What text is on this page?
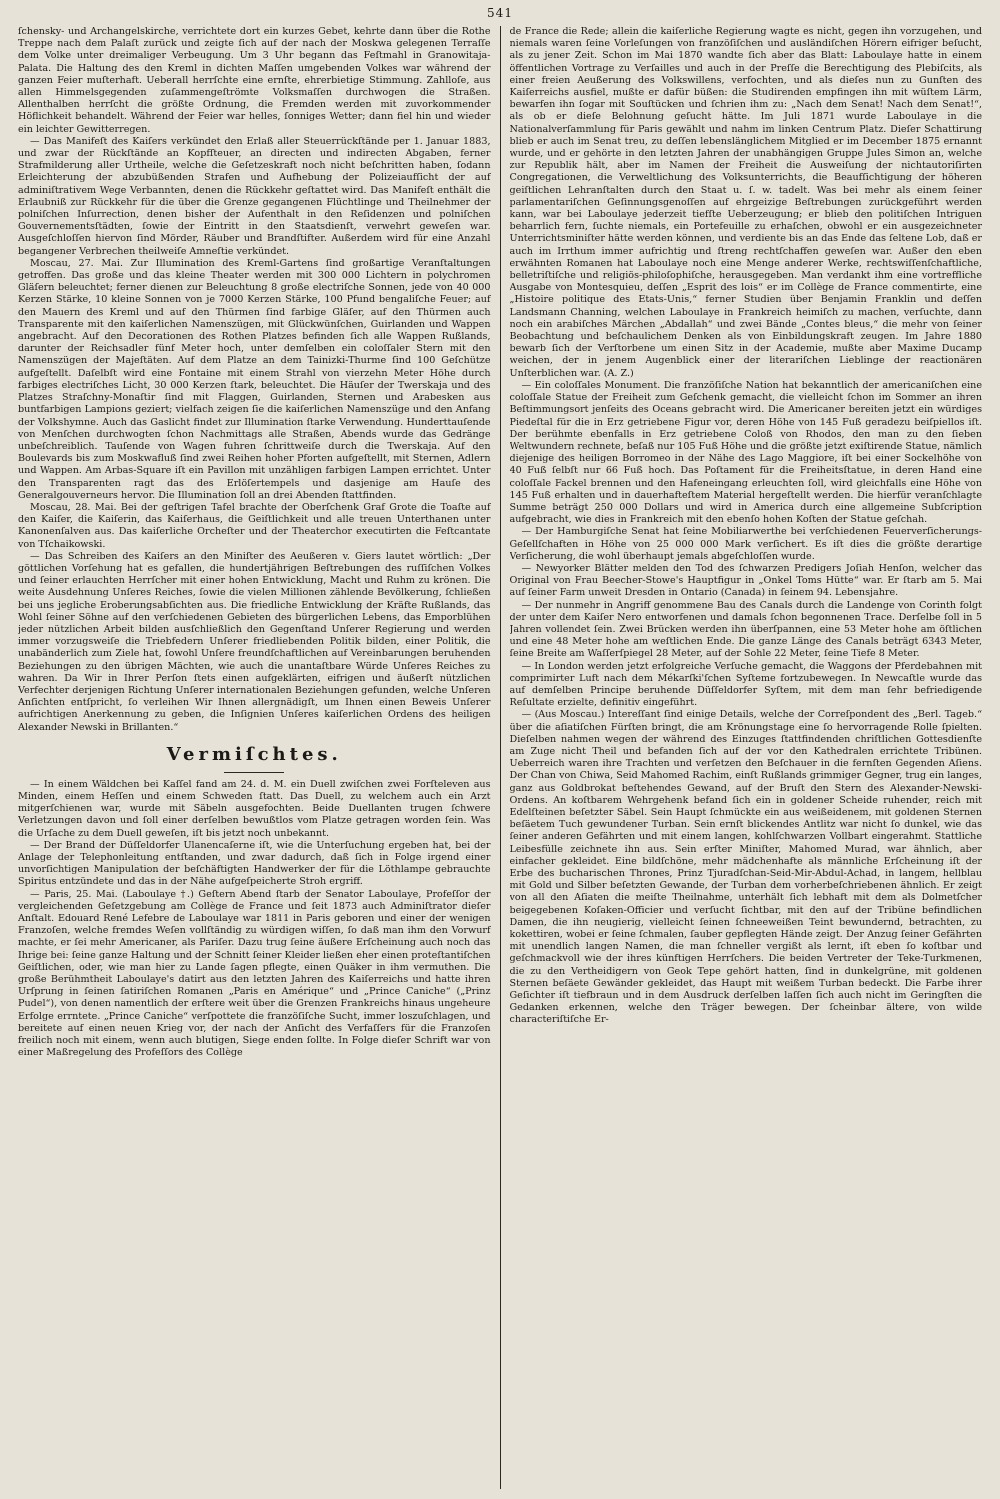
541

ſchensky- und Archangelskirche, verrichtete dort ein kurzes Gebet, kehrte dann über die Rothe Treppe nach dem Palaſt zurück und zeigte ſich auf der nach der Moskwa gelegenen Terraſſe dem Volke unter dreimaliger Verbeugung. Um 3 Uhr begann das Feſtmahl in Granowitaja-Palata. Die Haltung des den Kreml in dichten Maſſen umgebenden Volkes war während der ganzen Feier muſterhaft. Ueberall herrſchte eine ernſte, ehrerbietige Stimmung. Zahlloſe, aus allen Himmelsgegenden zuſammengeſtrömte Volksmaſſen durchwogen die Straßen. Allenthalben herrſcht die größte Ordnung, die Fremden werden mit zuvorkommender Höflichkeit behandelt. Während der Feier war helles, ſonniges Wetter; dann fiel hin und wieder ein leichter Gewitterregen.

— Das Manifeſt des Kaiſers verkündet den Erlaß aller Steuerrückſtände per 1. Januar 1883, und zwar der Rückſtände an Kopfſteuer, an directen und indirecten Abgaben, ferner Strafmilderung aller Urtheile, welche die Geſetzeskraft noch nicht beſchritten haben, ſodann Erleichterung der abzubüßenden Strafen und Aufhebung der Polizeiaufſicht der auf adminiſtrativem Wege Verbannten, denen die Rückkehr geſtattet wird. Das Manifeſt enthält die Erlaubniß zur Rückkehr für die über die Grenze gegangenen Flüchtlinge und Theilnehmer der polniſchen Inſurrection, denen bisher der Aufenthalt in den Reſidenzen und polniſchen Gouvernementsſtädten, ſowie der Eintritt in den Staatsdienſt, verwehrt geweſen war. Ausgeſchloſſen hiervon ſind Mörder, Räuber und Brandſtifter. Außerdem wird für eine Anzahl begangener Verbrechen theilweiſe Amneſtie verkündet.

Moscau, 27. Mai. Zur Illumination des Kreml-Gartens ſind großartige Veranſtaltungen getroffen. Das große und das kleine Theater werden mit 300 000 Lichtern in polychromen Gläſern beleuchtet; ferner dienen zur Beleuchtung 8 große electriſche Sonnen, jede von 40 000 Kerzen Stärke, 10 kleine Sonnen von je 7000 Kerzen Stärke, 100 Pfund bengaliſche Feuer; auf den Mauern des Kreml und auf den Thürmen ſind farbige Gläſer, auf den Thürmen auch Transparente mit den kaiſerlichen Namenszügen, mit Glückwünſchen, Guirlanden und Wappen angebracht. Auf den Decorationen des Rothen Platzes befinden ſich alle Wappen Rußlands, darunter der Reichsadler fünf Meter hoch, unter demſelben ein coloſſaler Stern mit den Namenszügen der Majeſtäten. Auf dem Platze an dem Tainizki-Thurme ſind 100 Geſchütze aufgeſtellt. Daſelbſt wird eine Fontaine mit einem Strahl von vierzehn Meter Höhe durch farbiges electriſches Licht, 30 000 Kerzen ſtark, beleuchtet. Die Häuſer der Twerskaja und des Platzes Straſchny-Monaſtir ſind mit Flaggen, Guirlanden, Sternen und Arabesken aus buntfarbigen Lampions geziert; vielfach zeigen ſie die kaiſerlichen Namenszüge und den Anfang der Volkshymne. Auch das Gaslicht findet zur Illumination ſtarke Verwendung. Hunderttauſende von Menſchen durchwogten ſchon Nachmittags alle Straßen, Abends wurde das Gedränge unbeſchreiblich. Tauſende von Wagen fuhren ſchrittweiſe durch die Twerskaja. Auf den Boulevards bis zum Moskwafluß ſind zwei Reihen hoher Pforten aufgeſtellt, mit Sternen, Adlern und Wappen. Am Arbas-Square iſt ein Pavillon mit unzähligen farbigen Lampen errichtet. Unter den Transparenten ragt das des Erlöſertempels und dasjenige am Hauſe des Generalgouverneurs hervor. Die Illumination ſoll an drei Abenden ſtattfinden.

Moscau, 28. Mai. Bei der geſtrigen Tafel brachte der Oberſchenk Graf Grote die Toaſte auf den Kaiſer, die Kaiſerin, das Kaiſerhaus, die Geiſtlichkeit und alle treuen Unterthanen unter Kanonenſalven aus. Das kaiſerliche Orcheſter und der Theaterchor executirten die Feſtcantate von Tſchaikowski.

— Das Schreiben des Kaiſers an den Miniſter des Aeußeren v. Giers lautet wörtlich: „Der göttlichen Vorſehung hat es gefallen, die hundertjährigen Beſtrebungen des ruſſiſchen Volkes und ſeiner erlauchten Herrſcher mit einer hohen Entwicklung, Macht und Ruhm zu krönen. Die weite Ausdehnung Unſeres Reiches, ſowie die vielen Millionen zählende Bevölkerung, ſchließen bei uns jegliche Eroberungsabſichten aus. Die friedliche Entwicklung der Kräfte Rußlands, das Wohl ſeiner Söhne auf den verſchiedenen Gebieten des bürgerlichen Lebens, das Emporblühen jeder nützlichen Arbeit bilden ausſchließlich den Gegenſtand Unſerer Regierung und werden immer vorzugsweiſe die Triebfedern Unſerer friedliebenden Politik bilden, einer Politik, die unabänderlich zum Ziele hat, ſowohl Unſere freundſchaftlichen auf Vereinbarungen beruhenden Beziehungen zu den übrigen Mächten, wie auch die unantaſtbare Würde Unſeres Reiches zu wahren. Da Wir in Ihrer Perſon ſtets einen aufgeklärten, eifrigen und äußerſt nützlichen Verfechter derjenigen Richtung Unſerer internationalen Beziehungen gefunden, welche Unſeren Anſichten entſpricht, ſo verleihen Wir Ihnen allergnädigſt, um Ihnen einen Beweis Unſerer aufrichtigen Anerkennung zu geben, die Inſignien Unſeres kaiſerlichen Ordens des heiligen Alexander Newski in Brillanten.“

Vermiſchtes.

— In einem Wäldchen bei Kaſſel fand am 24. d. M. ein Duell zwiſchen zwei Forſteleven aus Minden, einem Heſſen und einem Schweden ſtatt. Das Duell, zu welchem auch ein Arzt mitgerſchienen war, wurde mit Säbeln ausgefochten. Beide Duellanten trugen ſchwere Verletzungen davon und ſoll einer derſelben bewußtlos vom Platze getragen worden ſein. Was die Urſache zu dem Duell geweſen, iſt bis jetzt noch unbekannt.

— Der Brand der Düſſeldorfer Ulanencaſerne iſt, wie die Unterſuchung ergeben hat, bei der Anlage der Telephonleitung entſtanden, und zwar dadurch, daß ſich in Folge irgend einer unvorſichtigen Manipulation der beſchäftigten Handwerker der für die Löthlampe gebrauchte Spiritus entzündete und das in der Nähe aufgeſpeicherte Stroh ergriff.

— Paris, 25. Mai. (Laboulaye †.) Geſtern Abend ſtarb der Senator Laboulaye, Profeſſor der vergleichenden Geſetzgebung am Collège de France und ſeit 1873 auch Adminiſtrator dieſer Anſtalt. Edouard René Lefebre de Laboulaye war 1811 in Paris geboren und einer der wenigen Franzoſen, welche fremdes Weſen vollſtändig zu würdigen wiſſen, ſo daß man ihm den Vorwurf machte, er ſei mehr Americaner, als Pariſer. Dazu trug ſeine äußere Erſcheinung auch noch das Ihrige bei: ſeine ganze Haltung und der Schnitt ſeiner Kleider ließen eher einen proteſtantiſchen Geiſtlichen, oder, wie man hier zu Lande ſagen pflegte, einen Quäker in ihm vermuthen. Die große Berühmtheit Laboulaye's datirt aus den letzten Jahren des Kaiſerreichs und hatte ihren Urſprung in ſeinen ſatiriſchen Romanen „Paris en Amérique“ und „Prince Caniche“ („Prinz Pudel“), von denen namentlich der erſtere weit über die Grenzen Frankreichs hinaus ungeheure Erfolge errntete. „Prince Caniche“ verſpottete die franzöſiſche Sucht, immer loszuſchlagen, und bereitete auf einen neuen Krieg vor, der nach der Anſicht des Verfaſſers für die Franzoſen freilich noch mit einem, wenn auch blutigen, Siege enden ſollte. In Folge dieſer Schrift war von einer Maßregelung des Profeſſors des Collège

de France die Rede; allein die kaiſerliche Regierung wagte es nicht, gegen ihn vorzugehen, und niemals waren ſeine Vorleſungen von franzöſiſchen und ausländiſchen Hörern eifriger beſucht, als zu jener Zeit. Schon im Mai 1870 wandte ſich aber das Blatt: Laboulaye hatte in einem öffentlichen Vortrage zu Verſailles und auch in der Preſſe die Berechtigung des Plebiſcits, als einer freien Aeußerung des Volkswillens, verfochten, und als dieſes nun zu Gunſten des Kaiſerreichs ausfiel, mußte er dafür büßen: die Studirenden empfingen ihn mit wüſtem Lärm, bewarfen ihn ſogar mit Souſtücken und ſchrien ihm zu: „Nach dem Senat! Nach dem Senat!“, als ob er dieſe Belohnung geſucht hätte. Im Juli 1871 wurde Laboulaye in die Nationalverſammlung für Paris gewählt und nahm im linken Centrum Platz. Dieſer Schattirung blieb er auch im Senat treu, zu deſſen lebenslänglichem Mitglied er im December 1875 ernannt wurde, und er gehörte in den letzten Jahren der unabhängigen Gruppe Jules Simon an, welche zur Republik hält, aber im Namen der Freiheit die Ausweiſung der nichtautoriſirten Congregationen, die Verweltlichung des Volksunterrichts, die Beaufſichtigung der höheren geiſtlichen Lehranſtalten durch den Staat u. ſ. w. tadelt. Was bei mehr als einem ſeiner parlamentariſchen Geſinnungsgenoſſen auf ehrgeizige Beſtrebungen zurückgeführt werden kann, war bei Laboulaye jederzeit tiefſte Ueberzeugung; er blieb den politiſchen Intriguen beharrlich fern, ſuchte niemals, ein Portefeuille zu erhaſchen, obwohl er ein ausgezeichneter Unterrichtsminiſter hätte werden können, und verdiente bis an das Ende das ſeltene Lob, daß er auch im Irrthum immer aufrichtig und ſtreng rechtſchaffen geweſen war. Außer den eben erwähnten Romanen hat Laboulaye noch eine Menge anderer Werke, rechtswiſſenſchaftliche, belletriſtiſche und religiös-philoſophiſche, herausgegeben. Man verdankt ihm eine vortreffliche Ausgabe von Montesquieu, deſſen „Esprit des lois“ er im Collège de France commentirte, eine „Histoire politique des Etats-Unis,“ ferner Studien über Benjamin Franklin und deſſen Landsmann Channing, welchen Laboulaye in Frankreich heimiſch zu machen, verſuchte, dann noch ein arabiſches Märchen „Abdallah“ und zwei Bände „Contes bleus,“ die mehr von ſeiner Beobachtung und beſchaulichem Denken als von Einbildungskraft zeugen. Im Jahre 1880 bewarb ſich der Verſtorbene um einen Sitz in der Academie, mußte aber Maxime Ducamp weichen, der in jenem Augenblick einer der literariſchen Lieblinge der reactionären Unſterblichen war. (A. Z.)

— Ein coloſſales Monument. Die franzöſiſche Nation hat bekanntlich der americaniſchen eine coloſſale Statue der Freiheit zum Geſchenk gemacht, die vielleicht ſchon im Sommer an ihren Beſtimmungsort jenſeits des Oceans gebracht wird. Die Americaner bereiten jetzt ein würdiges Piedeſtal für die in Erz getriebene Figur vor, deren Höhe von 145 Fuß geradezu beiſpiellos iſt. Der berühmte ebenfalls in Erz getriebene Coloß von Rhodos, den man zu den ſieben Weltwundern rechnete, beſaß nur 105 Fuß Höhe und die größte jetzt exiſtirende Statue, nämlich diejenige des heiligen Borromeo in der Nähe des Lago Maggiore, iſt bei einer Sockelhöhe von 40 Fuß ſelbſt nur 66 Fuß hoch. Das Poſtament für die Freiheitsſtatue, in deren Hand eine coloſſale Fackel brennen und den Hafeneingang erleuchten ſoll, wird gleichfalls eine Höhe von 145 Fuß erhalten und in dauerhafteſtem Material hergeſtellt werden. Die hierfür veranſchlagte Summe beträgt 250 000 Dollars und wird in America durch eine allgemeine Subſcription aufgebracht, wie dies in Frankreich mit den ebenſo hohen Koſten der Statue geſchah.

— Der Hamburgiſche Senat hat ſeine Mobiliarwerthe bei verſchiedenen Feuerverſicherungs-Geſellſchaften in Höhe von 25 000 000 Mark verſichert. Es iſt dies die größte derartige Verſicherung, die wohl überhaupt jemals abgeſchloſſen wurde.

— Newyorker Blätter melden den Tod des ſchwarzen Predigers Joſiah Henſon, welcher das Original von Frau Beecher-Stowe's Hauptfigur in „Onkel Toms Hütte“ war. Er ſtarb am 5. Mai auf ſeiner Farm unweit Dresden in Ontario (Canada) in ſeinem 94. Lebensjahre.

— Der nunmehr in Angriff genommene Bau des Canals durch die Landenge von Corinth folgt der unter dem Kaiſer Nero entworfenen und damals ſchon begonnenen Trace. Derſelbe ſoll in 5 Jahren vollendet ſein. Zwei Brücken werden ihn überſpannen, eine 53 Meter hohe am öſtlichen und eine 48 Meter hohe am weſtlichen Ende. Die ganze Länge des Canals beträgt 6343 Meter, ſeine Breite am Waſſerſpiegel 28 Meter, auf der Sohle 22 Meter, ſeine Tiefe 8 Meter.

— In London werden jetzt erfolgreiche Verſuche gemacht, die Waggons der Pferdebahnen mit comprimirter Luft nach dem Mékarſki'ſchen Syſteme fortzubewegen. In Newcaſtle wurde das auf demſelben Principe beruhende Düſſeldorfer Syſtem, mit dem man ſehr befriedigende Reſultate erzielte, definitiv eingeführt.

— (Aus Moscau.) Intereſſant ſind einige Details, welche der Correſpondent des „Berl. Tageb.“ über die aſiatiſchen Fürſten bringt, die am Krönungstage eine ſo hervorragende Rolle ſpielten. Dieſelben nahmen wegen der während des Einzuges ſtattfindenden chriſtlichen Gottesdienſte am Zuge nicht Theil und befanden ſich auf der vor den Kathedralen errichtete Tribünen. Ueberreich waren ihre Trachten und verſetzen den Beſchauer in die fernſten Gegenden Aſiens. Der Chan von Chiwa, Seid Mahomed Rachim, einſt Rußlands grimmiger Gegner, trug ein langes, ganz aus Goldbrokat beſtehendes Gewand, auf der Bruſt den Stern des Alexander-Newski-Ordens. An koſtbarem Wehrgehenk befand ſich ein in goldener Scheide ruhender, reich mit Edelſteinen beſetzter Säbel. Sein Haupt ſchmückte ein aus weißeidenem, mit goldenen Sternen beſäetem Tuch gewundener Turban. Sein ernſt blickendes Antlitz war nicht ſo dunkel, wie das ſeiner anderen Gefährten und mit einem langen, kohlſchwarzen Vollbart eingerahmt. Stattliche Leibesfülle zeichnete ihn aus. Sein erſter Miniſter, Mahomed Murad, war ähnlich, aber einfacher gekleidet. Eine bildſchöne, mehr mädchenhafte als männliche Erſcheinung iſt der Erbe des bucharischen Thrones, Prinz Tjuradſchan-Seid-Mir-Abdul-Achad, in langem, hellblau mit Gold und Silber beſetzten Gewande, der Turban dem vorherbeſchriebenen ähnlich. Er zeigt von all den Aſiaten die meiſte Theilnahme, unterhält ſich lebhaft mit dem als Dolmetſcher beigegebenen Koſaken-Officier und verſucht ſichtbar, mit den auf der Tribüne befindlichen Damen, die ihn neugierig, vielleicht ſeinen ſchneeweißen Teint bewundernd, betrachten, zu kokettiren, wobei er ſeine ſchmalen, ſauber gepflegten Hände zeigt. Der Anzug ſeiner Gefährten mit unendlich langen Namen, die man ſchneller vergißt als lernt, iſt eben ſo koſtbar und geſchmackvoll wie der ihres künftigen Herrſchers. Die beiden Vertreter der Teke-Turkmenen, die zu den Vertheidigern von Geok Tepe gehört hatten, ſind in dunkelgrüne, mit goldenen Sternen beſäete Gewänder gekleidet, das Haupt mit weißem Turban bedeckt. Die Farbe ihrer Geſichter iſt tiefbraun und in dem Ausdruck derſelben laſſen ſich auch nicht im Geringſten die Gedanken erkennen, welche den Träger bewegen. Der ſcheinbar ältere, von wilde characteriſtiſche Er-
